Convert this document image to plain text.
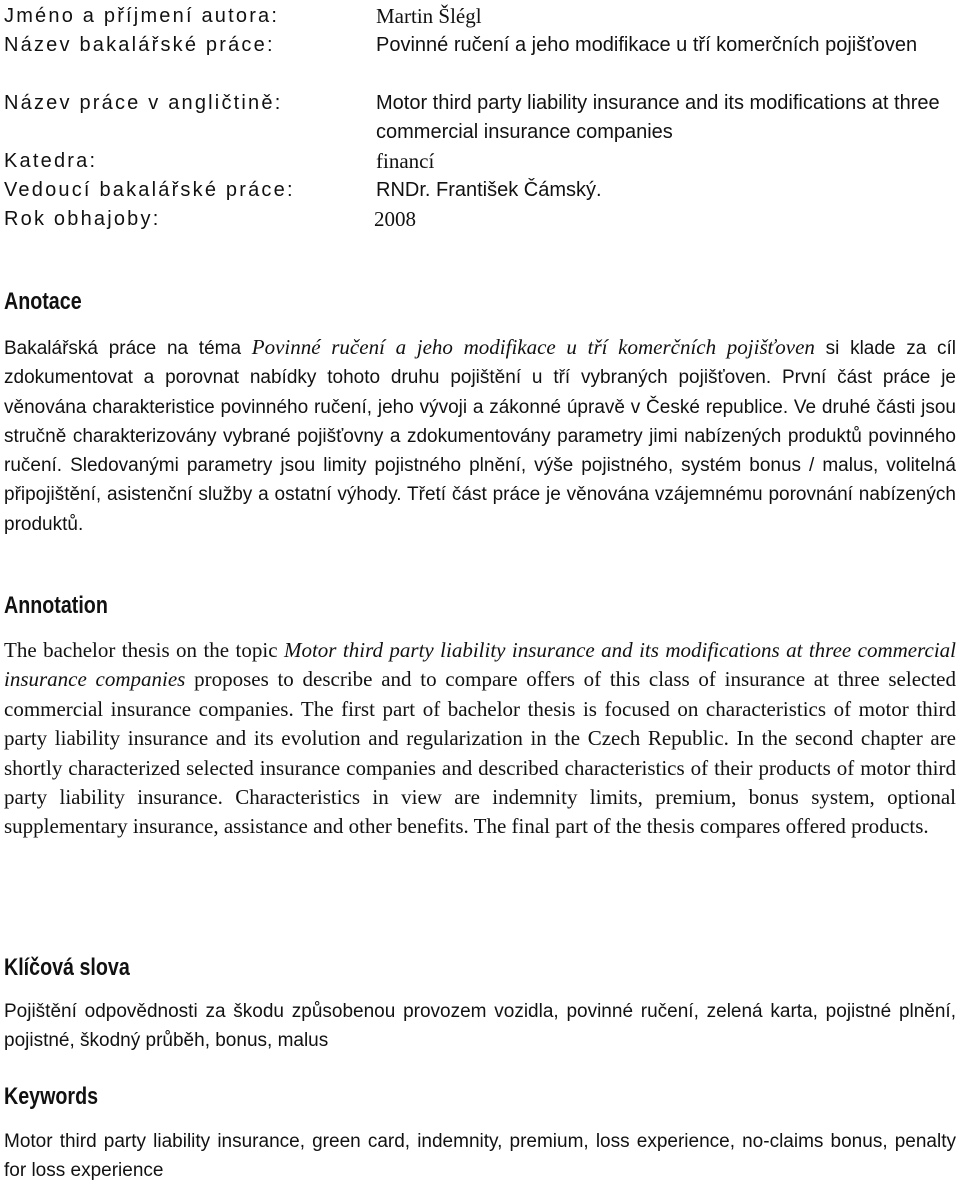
Jméno a příjmení autora:	Martin Šlégl
Název bakalářské práce:	Povinné ručení a jeho modifikace u tří komerčních pojišťoven
Název práce v angličtině:	Motor third party liability insurance and its modifications at three commercial insurance companies
Katedra:	financí
Vedoucí bakalářské práce:	RNDr. František Čámský.
Rok obhajoby:	2008
Anotace

Bakalářská práce na téma Povinné ručení a jeho modifikace u tří komerčních pojišťoven si klade za cíl zdokumentovat a porovnat nabídky tohoto druhu pojištění u tří vybraných pojišťoven. První část práce je věnována charakteristice povinného ručení, jeho vývoji a zákonné úpravě v České republice. Ve druhé části jsou stručně charakterizovány vybrané pojišťovny a zdokumentovány parametry jimi nabízených produktů povinného ručení. Sledovanými parametry jsou limity pojistného plnění, výše pojistného, systém bonus / malus, volitelná připojištění, asistenční služby a ostatní výhody. Třetí část práce je věnována vzájemnému porovnání nabízených produktů.

Annotation

The bachelor thesis on the topic Motor third party liability insurance and its modifications at three commercial insurance companies proposes to describe and to compare offers of this class of insurance at three selected commercial insurance companies. The first part of bachelor thesis is focused on characteristics of motor third party liability insurance and its evolution and regularization in the Czech Republic. In the second chapter are shortly characterized selected insurance companies and described characteristics of their products of motor third party liability insurance. Characteristics in view are indemnity limits, premium, bonus system, optional supplementary insurance, assistance and other benefits. The final part of the thesis compares offered products.

Klíčová slova

Pojištění odpovědnosti za škodu způsobenou provozem vozidla, povinné ručení, zelená karta, pojistné plnění, pojistné, škodný průběh, bonus, malus

Keywords

Motor third party liability insurance, green card, indemnity, premium, loss experience, no-claims bonus, penalty for loss experience
